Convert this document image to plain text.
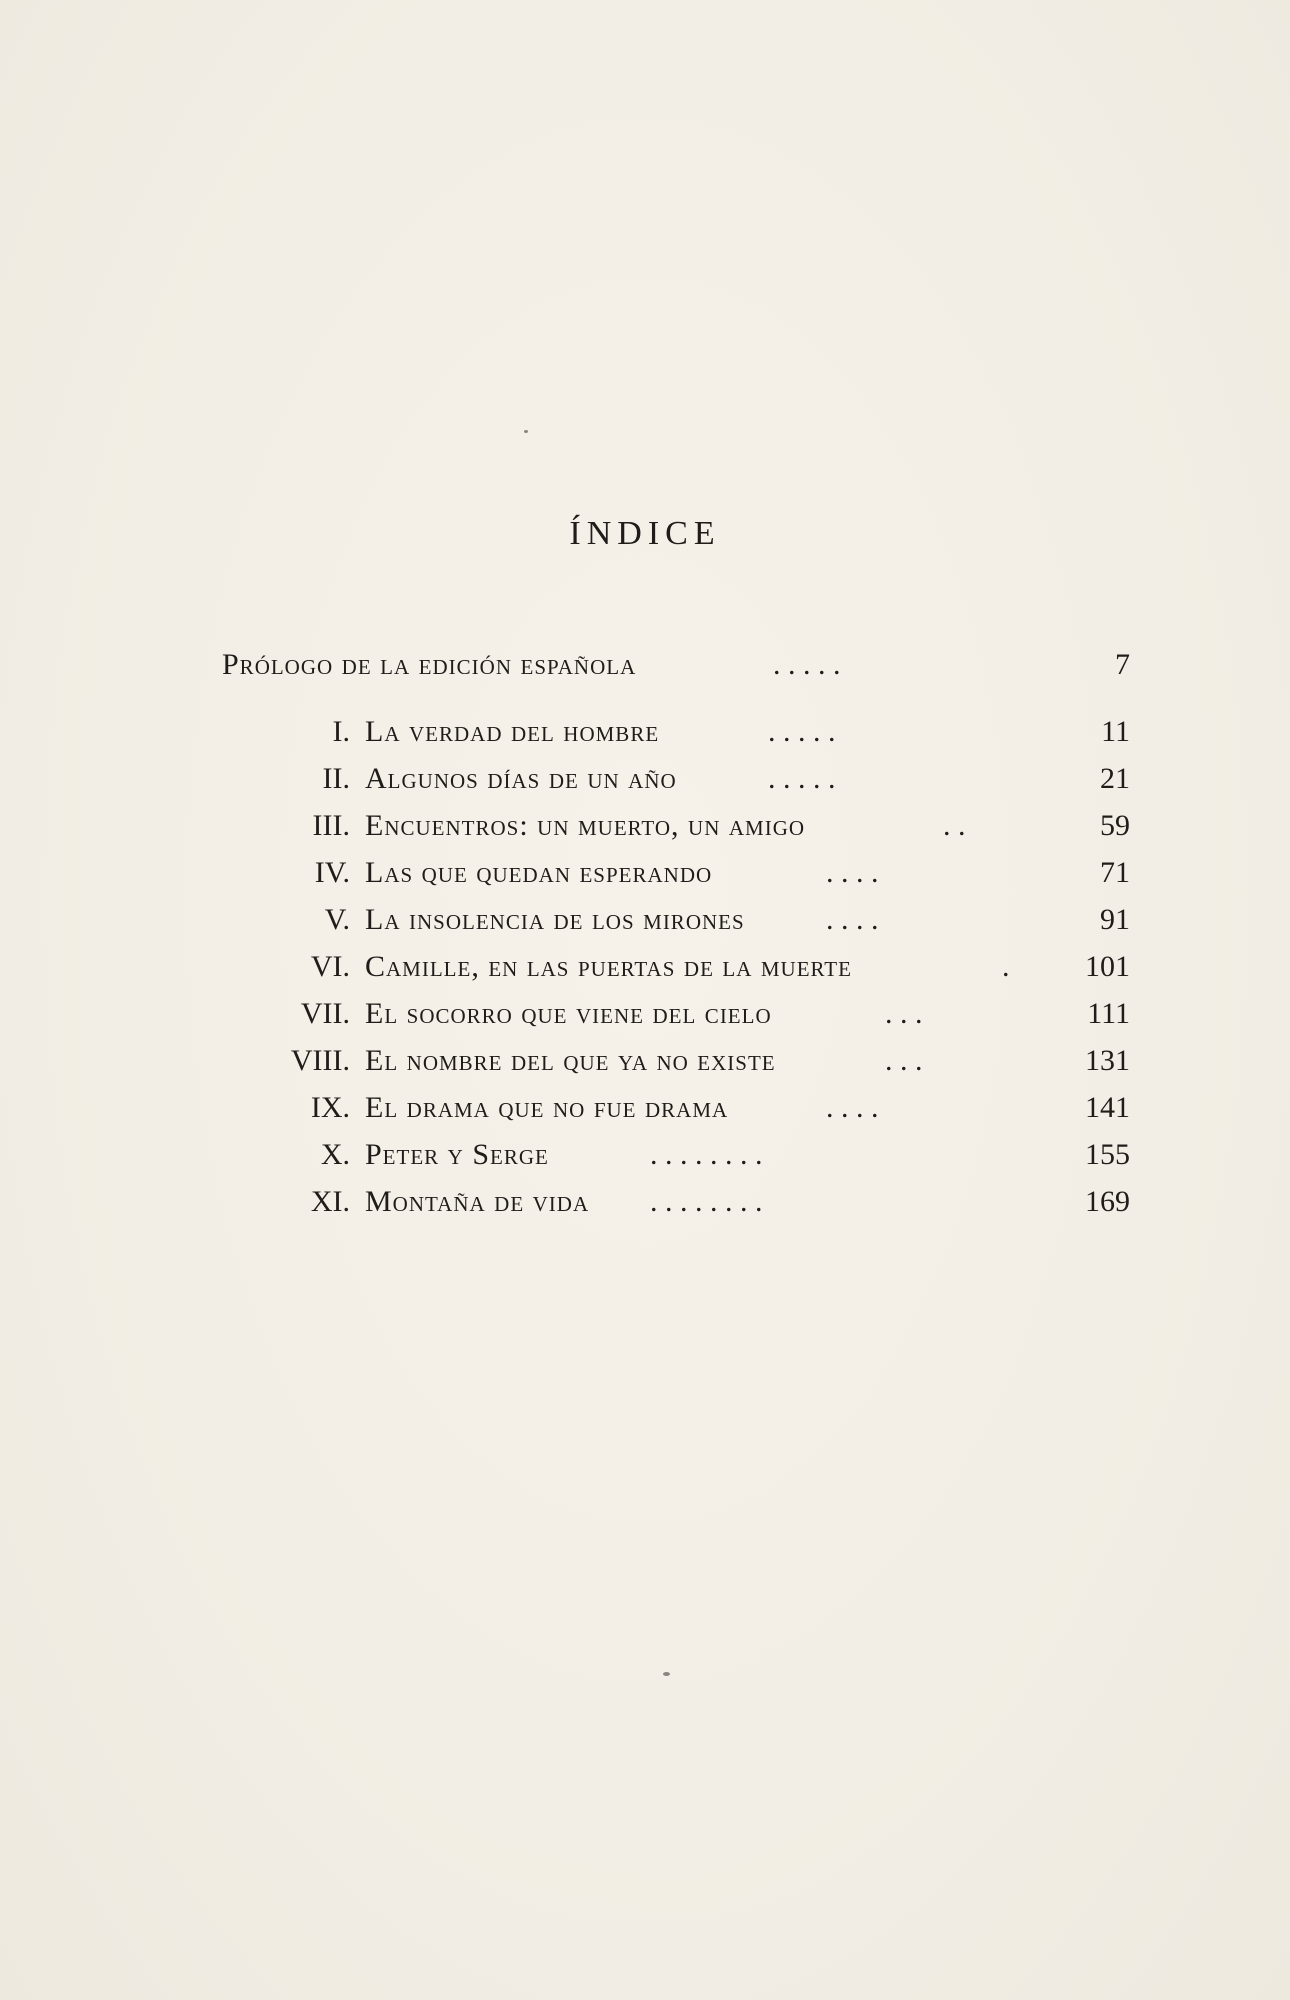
ÍNDICE
Prólogo de la edición española	. . . . .	7
I. La verdad del hombre	. . . . .	11
II. Algunos días de un año	. . . . .	21
III. Encuentros: un muerto, un amigo	. .	59
IV. Las que quedan esperando	. . . .	71
V. La insolencia de los mirones	. . . .	91
VI. Camille, en las puertas de la muerte	.	101
VII. El socorro que viene del cielo	. . .	111
VIII. El nombre del que ya no existe	. . .	131
IX. El drama que no fue drama	. . . .	141
X. Peter y Serge	. . . . . . . .	155
XI. Montaña de vida . . . . . . . .	169
